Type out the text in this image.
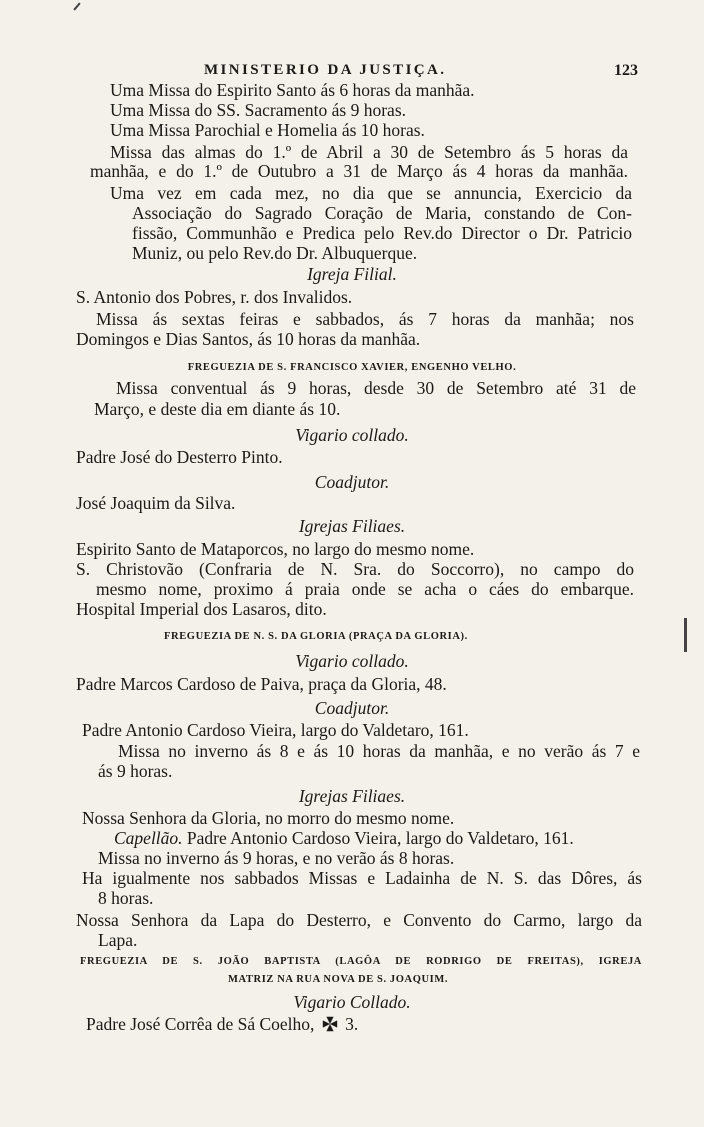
MINISTERIO DA JUSTIÇA.	123
Uma Missa do Espirito Santo ás 6 horas da manhãa.
Uma Missa do SS. Sacramento ás 9 horas.
Uma Missa Parochial e Homelia ás 10 horas.
Missa das almas do 1.º de Abril a 30 de Setembro ás 5 horas da
manhãa, e do 1.º de Outubro a 31 de Março ás 4 horas da manhãa.
Uma vez em cada mez, no dia que se annuncia, Exercicio da
Associação do Sagrado Coração de Maria, constando de Con-
fissão, Communhão e Predica pelo Rev.do Director o Dr. Patricio
Muniz, ou pelo Rev.do Dr. Albuquerque.
Igreja Filial.
S. Antonio dos Pobres, r. dos Invalidos.
Missa ás sextas feiras e sabbados, ás 7 horas da manhãa; nos
Domingos e Dias Santos, ás 10 horas da manhãa.
FREGUEZIA DE S. FRANCISCO XAVIER, ENGENHO VELHO.
Missa conventual ás 9 horas, desde 30 de Setembro até 31 de
Março, e deste dia em diante ás 10.
Vigario collado.
Padre José do Desterro Pinto.
Coadjutor.
José Joaquim da Silva.
Igrejas Filiaes.
Espirito Santo de Mataporcos, no largo do mesmo nome.
S. Christovão (Confraria de N. Sra. do Soccorro), no campo do
mesmo nome, proximo á praia onde se acha o cáes do embarque.
Hospital Imperial dos Lasaros, dito.
FREGUEZIA DE N. S. DA GLORIA (PRAÇA DA GLORIA).
Vigario collado.
Padre Marcos Cardoso de Paiva, praça da Gloria, 48.
Coadjutor.
Padre Antonio Cardoso Vieira, largo do Valdetaro, 161.
Missa no inverno ás 8 e ás 10 horas da manhãa, e no verão ás 7 e
ás 9 horas.
Igrejas Filiaes.
Nossa Senhora da Gloria, no morro do mesmo nome.
Capellão. Padre Antonio Cardoso Vieira, largo do Valdetaro, 161.
Missa no inverno ás 9 horas, e no verão ás 8 horas.
Ha igualmente nos sabbados Missas e Ladainha de N. S. das Dôres, ás
8 horas.
Nossa Senhora da Lapa do Desterro, e Convento do Carmo, largo da
Lapa.
FREGUEZIA DE S. JOÃO BAPTISTA (LAGÔA DE RODRIGO DE FREITAS), IGREJA
MATRIZ NA RUA NOVA DE S. JOAQUIM.
Vigario Collado.
Padre José Corrêa de Sá Coelho, 3.
